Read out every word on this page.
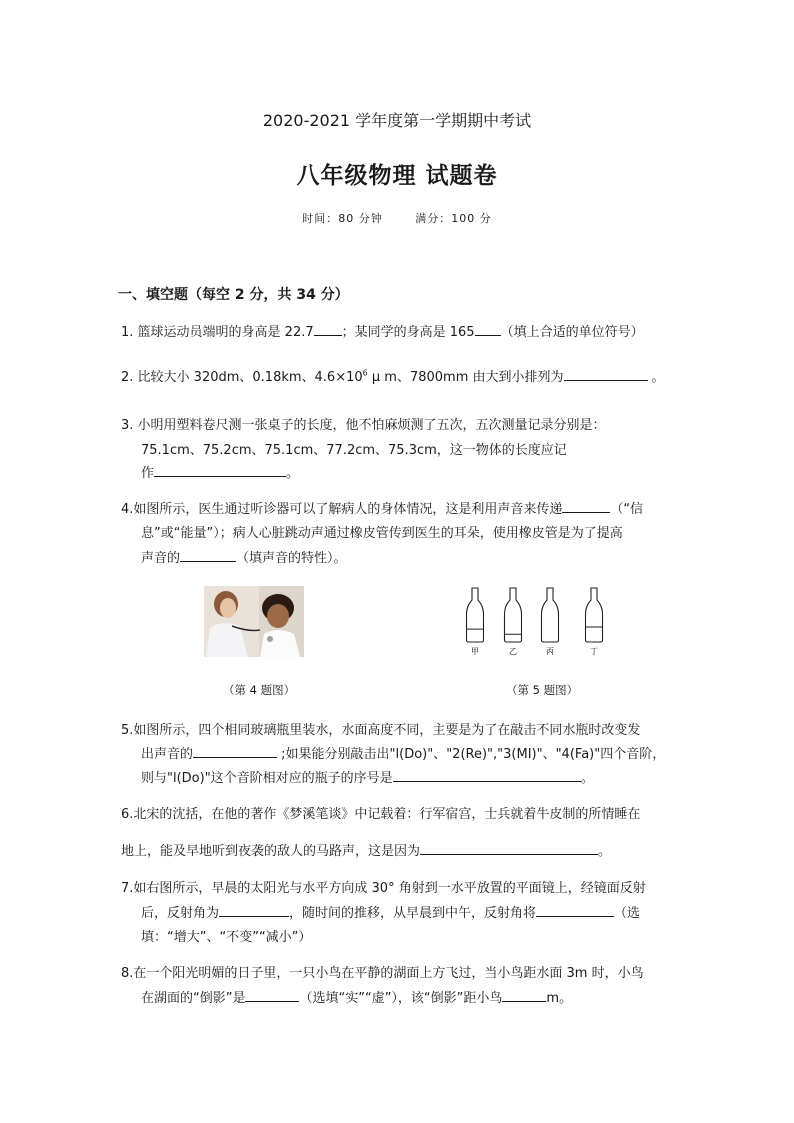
2020-2021 学年度第一学期期中考试
八年级物理 试题卷
时间：80 分钟	满分：100 分
一、填空题（每空 2 分，共 34 分）
1. 篮球运动员端明的身高是 22.7 ；某同学的身高是 165 （填上合适的单位符号）
2. 比较大小 320dm、0.18km、$4.6\times 10^6$ μ m、7800mm 由大到小排列为	。
3. 小明用塑料卷尺测一张桌子的长度，他不怕麻烦测了五次，五次测量记录分别是：
75.1cm、75.2cm、75.1cm、77.2cm、75.3cm，这一物体的长度应记
作	。
4.如图所示，医生通过听诊器可以了解病人的身体情况，这是利用声音来传递	（“信
息”或“能量”）；病人心脏跳动声通过橡皮管传到医生的耳朵，使用橡皮管是为了提高
声音的	（填声音的特性）。
（第 4 题图）
甲	乙	丙	丁
（第 5 题图）
5.如图所示，四个相同玻璃瓶里装水，水面高度不同，主要是为了在敲击不同水瓶时改变发
出声音的	;如果能分别敲击出"l(Do)"、"2(Re)","3(MI)"、"4(Fa)"四个音阶，
则与"l(Do)"这个音阶相对应的瓶子的序号是	。
6.北宋的沈括，在他的著作《梦溪笔谈》中记载着：行军宿宫，士兵就着牛皮制的所情睡在
地上，能及早地听到夜袭的敌人的马路声，这是因为	。
7.如右图所示，早晨的太阳光与水平方向成 30° 角射到一水平放置的平面镜上，经镜面反射
后，反射角为	，随时间的推移，从早晨到中午，反射角将	（选
填：“增大”、“不变”“减小”）
8.在一个阳光明媚的日子里，一只小鸟在平静的湖面上方飞过，当小鸟距水面 3m 时，小鸟
在湖面的“倒影”是	（选填“实”“虚”），该“倒影”距小鸟	m。
